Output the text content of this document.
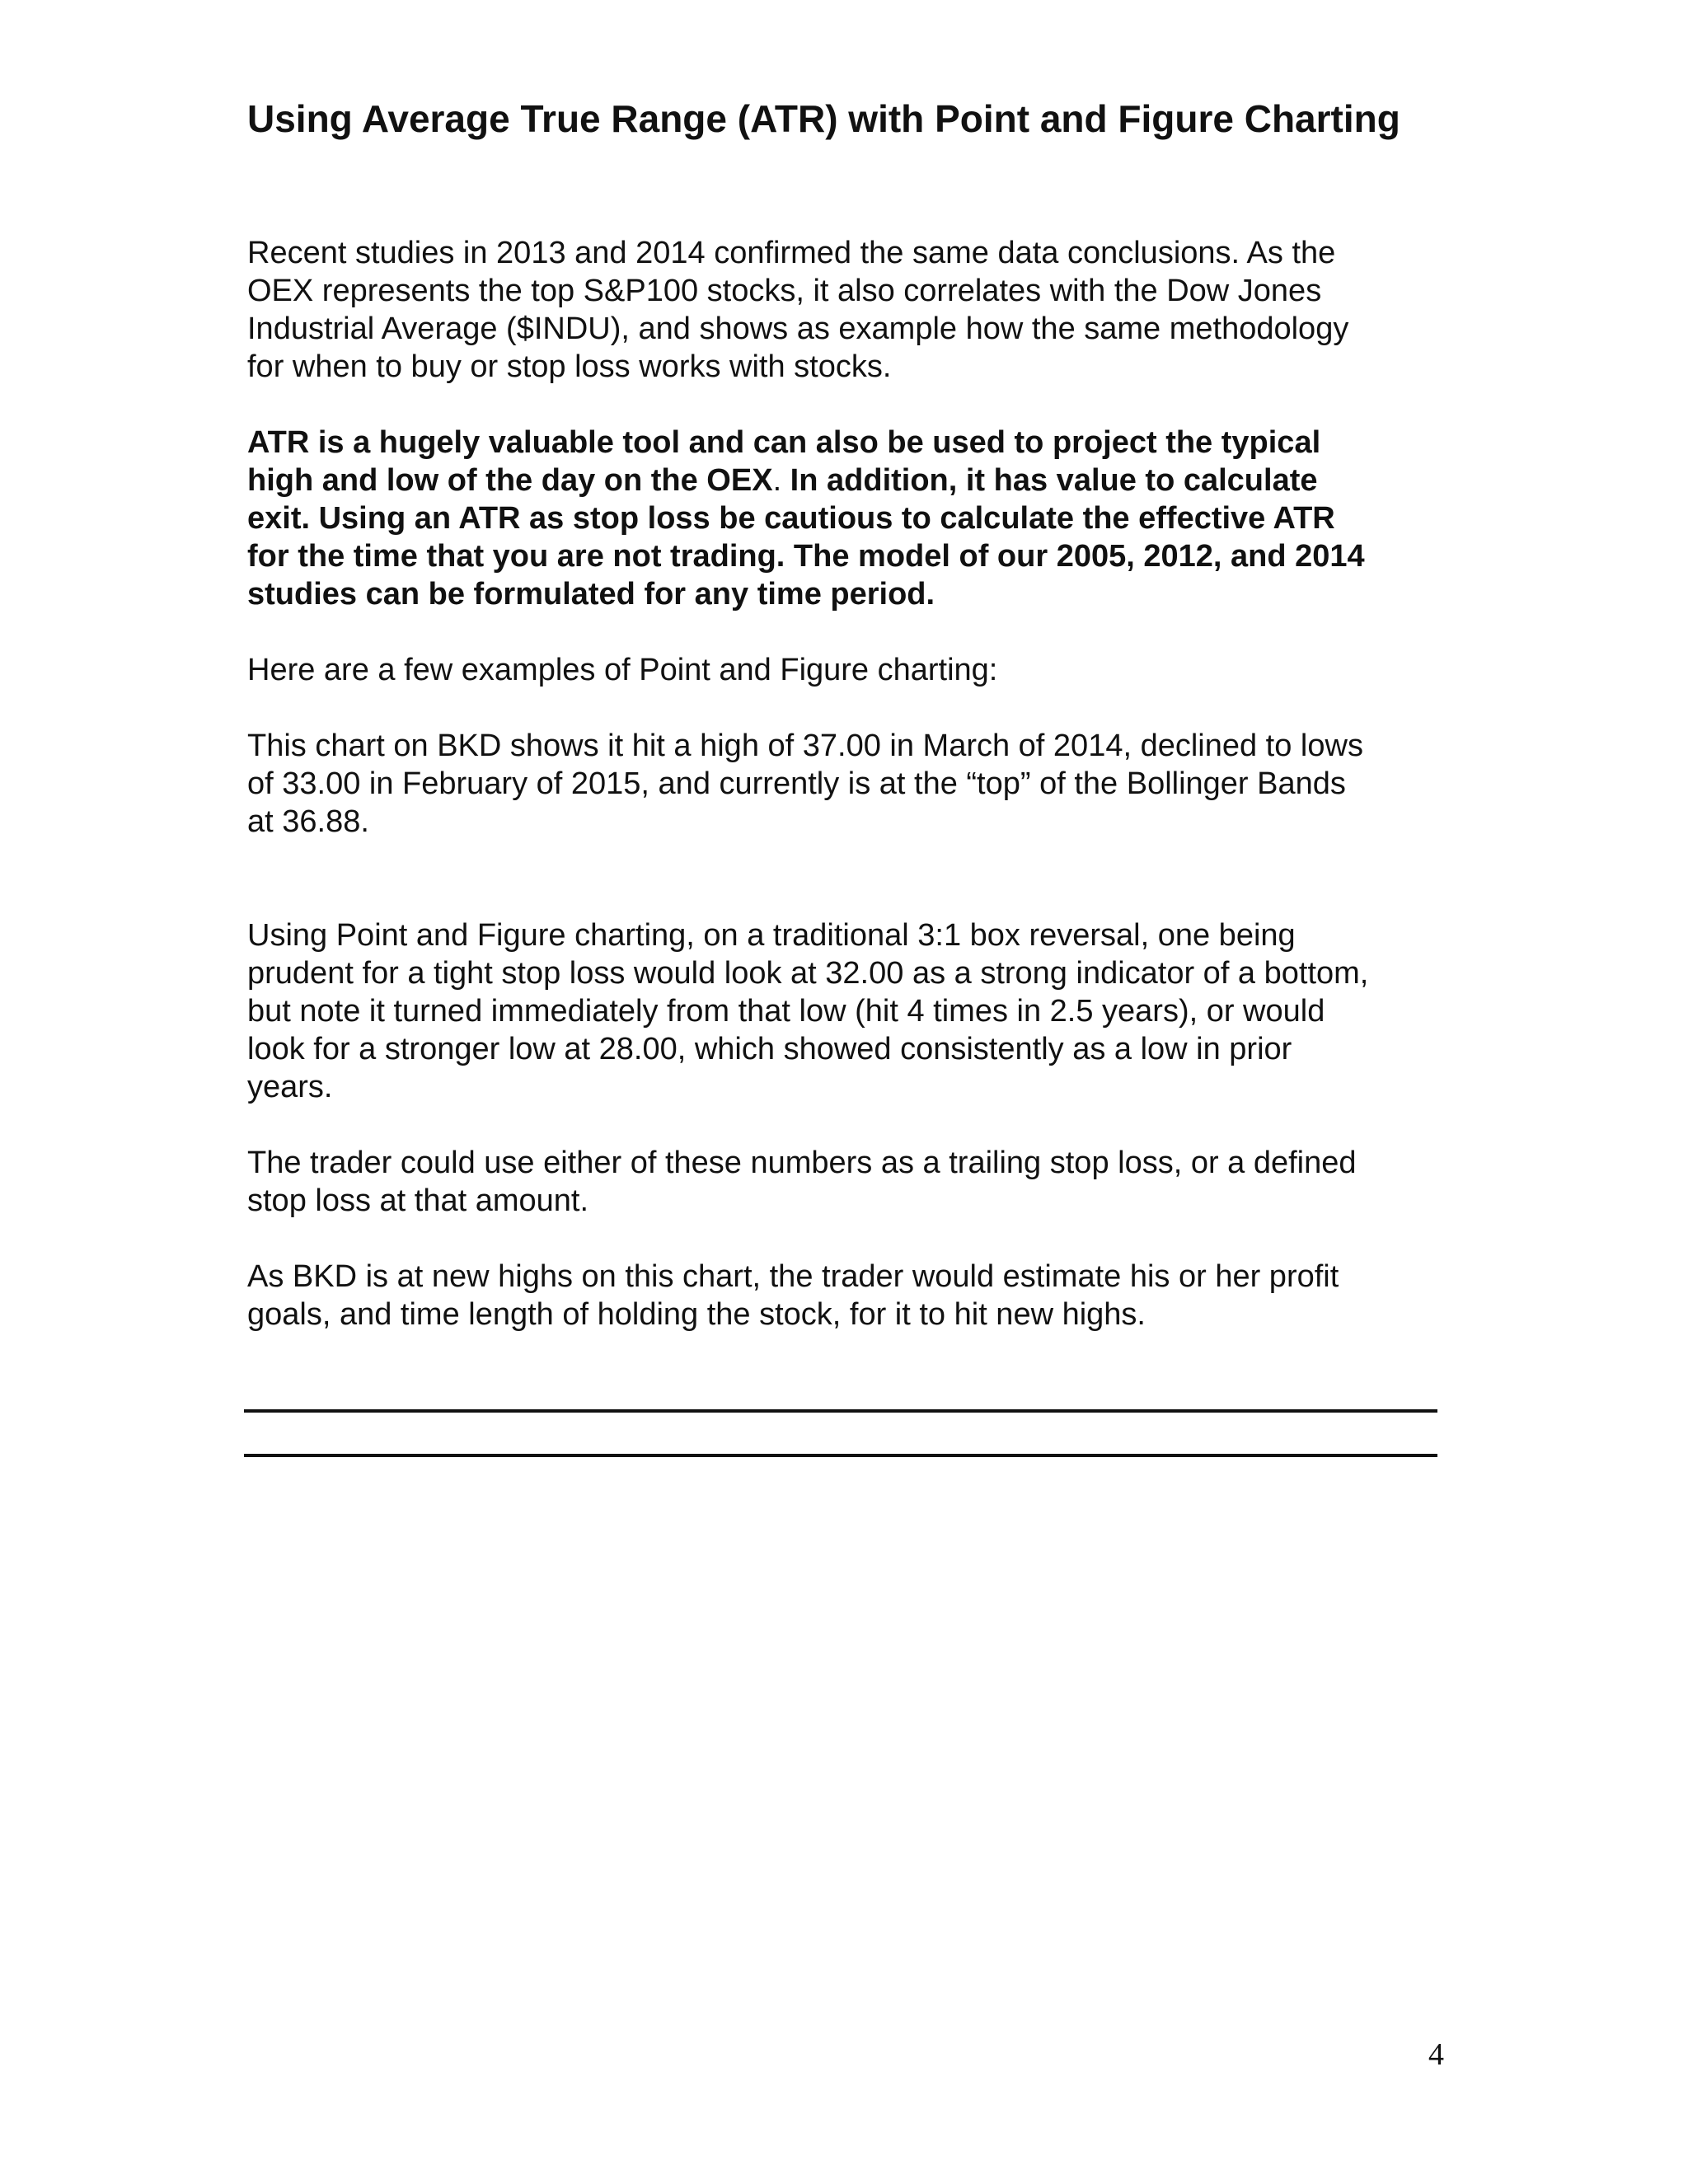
Using Average True Range (ATR) with Point and Figure Charting

Recent studies in 2013 and 2014 confirmed the same data conclusions. As the
OEX represents the top S&P100 stocks, it also correlates with the Dow Jones
Industrial Average ($INDU), and shows as example how the same methodology
for when to buy or stop loss works with stocks.

ATR is a hugely valuable tool and can also be used to project the typical
high and low of the day on the OEX. In addition, it has value to calculate
exit. Using an ATR as stop loss be cautious to calculate the effective ATR
for the time that you are not trading. The model of our 2005, 2012, and 2014
studies can be formulated for any time period.

Here are a few examples of Point and Figure charting:

This chart on BKD shows it hit a high of 37.00 in March of 2014, declined to lows
of 33.00 in February of 2015, and currently is at the “top” of the Bollinger Bands
at 36.88.

Using Point and Figure charting, on a traditional 3:1 box reversal, one being
prudent for a tight stop loss would look at 32.00 as a strong indicator of a bottom,
but note it turned immediately from that low (hit 4 times in 2.5 years), or would
look for a stronger low at 28.00, which showed consistently as a low in prior
years.

The trader could use either of these numbers as a trailing stop loss, or a defined
stop loss at that amount.

As BKD is at new highs on this chart, the trader would estimate his or her profit
goals, and time length of holding the stock, for it to hit new highs.

4
